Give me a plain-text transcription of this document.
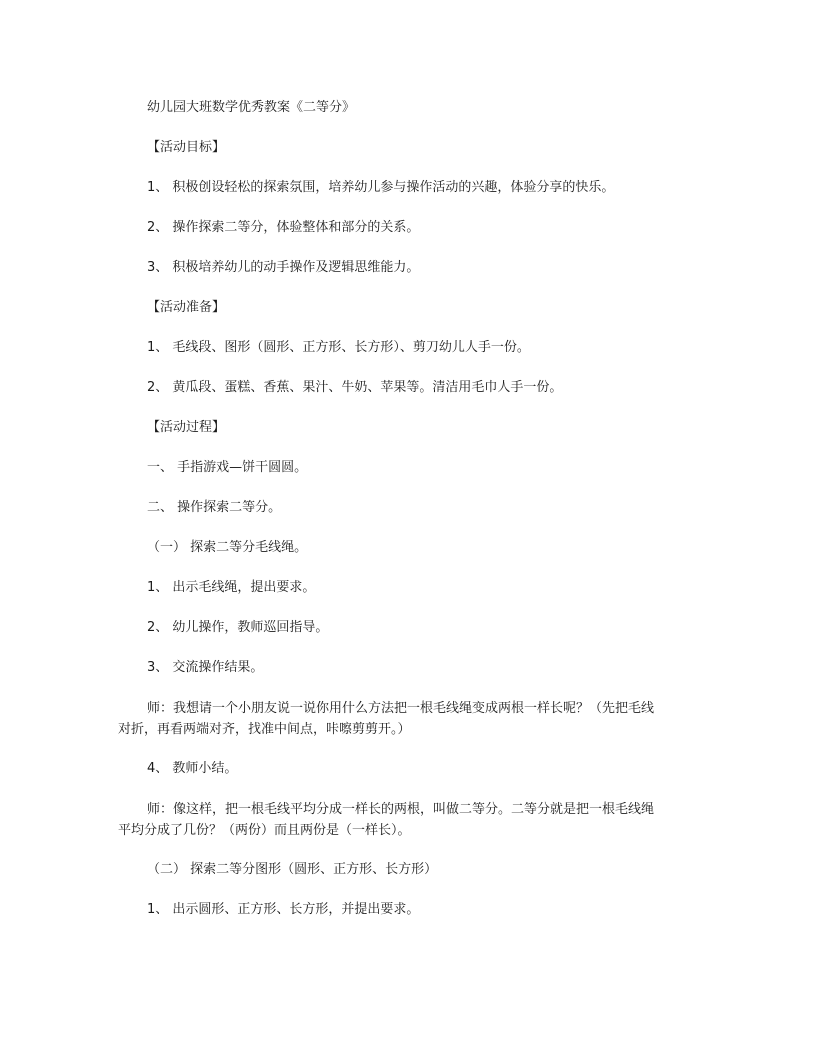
幼儿园大班数学优秀教案《二等分》
【活动目标】
1、 积极创设轻松的探索氛围，培养幼儿参与操作活动的兴趣，体验分享的快乐。
2、 操作探索二等分，体验整体和部分的关系。
3、 积极培养幼儿的动手操作及逻辑思维能力。
【活动准备】
1、 毛线段、图形（圆形、正方形、长方形）、剪刀幼儿人手一份。
2、 黄瓜段、蛋糕、香蕉、果汁、牛奶、苹果等。清洁用毛巾人手一份。
【活动过程】
一、 手指游戏—饼干圆圆。
二、 操作探索二等分。
（一） 探索二等分毛线绳。
1、 出示毛线绳，提出要求。
2、 幼儿操作，教师巡回指导。
3、 交流操作结果。
师：我想请一个小朋友说一说你用什么方法把一根毛线绳变成两根一样长呢？（先把毛线
对折，再看两端对齐，找准中间点，咔嚓剪剪开。）
4、 教师小结。
师：像这样，把一根毛线平均分成一样长的两根，叫做二等分。二等分就是把一根毛线绳
平均分成了几份？（两份）而且两份是（一样长）。
（二） 探索二等分图形（圆形、正方形、长方形）
1、 出示圆形、正方形、长方形，并提出要求。
